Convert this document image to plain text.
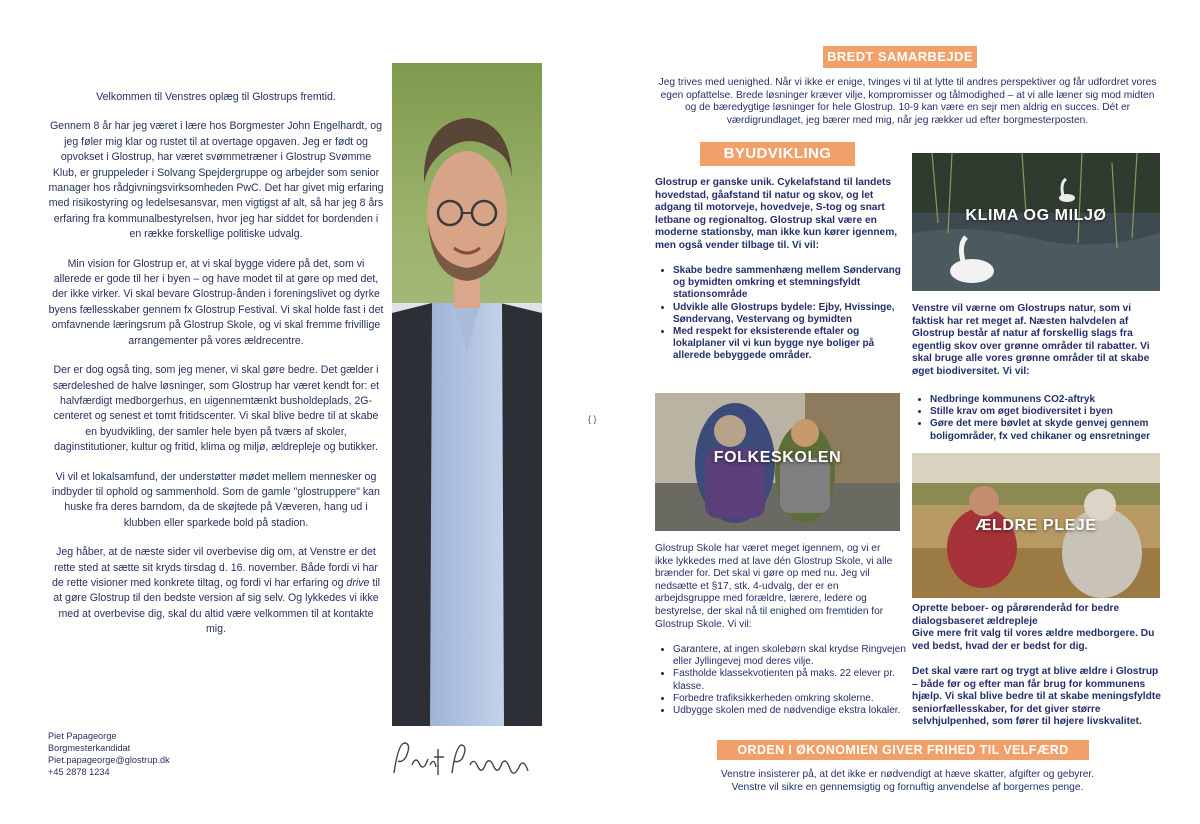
Velkommen til Venstres oplæg til Glostrups fremtid.

Gennem 8 år har jeg været i lære hos Borgmester John Engelhardt, og jeg føler mig klar og rustet til at overtage opgaven. Jeg er født og opvokset i Glostrup, har været svømmetræner i Glostrup Svømme Klub, er gruppeleder i Solvang Spejdergruppe og arbejder som senior manager hos rådgivningsvirksomheden PwC. Det har givet mig erfaring med risikostyring og ledelsesansvar, men vigtigst af alt, så har jeg 8 års erfaring fra kommunalbestyrelsen, hvor jeg har siddet for bordenden i en række forskellige politiske udvalg.

Min vision for Glostrup er, at vi skal bygge videre på det, som vi allerede er gode til her i byen – og have modet til at gøre op med det, der ikke virker. Vi skal bevare Glostrup-ånden i foreningslivet og dyrke byens fællesskaber gennem fx Glostrup Festival. Vi skal holde fast i det omfavnende læringsrum på Glostrup Skole, og vi skal fremme frivillige arrangementer på vores ældrecentre.

Der er dog også ting, som jeg mener, vi skal gøre bedre. Det gælder i særdeleshed de halve løsninger, som Glostrup har været kendt for: et halvfærdigt medborgerhus, en uigennemtænkt busholdeplads, 2G-centeret og senest et tomt fritidscenter. Vi skal blive bedre til at skabe en byudvikling, der samler hele byen på tværs af skoler, daginstitutioner, kultur og fritid, klima og miljø, ældrepleje og butikker.

Vi vil et lokalsamfund, der understøtter mødet mellem mennesker og indbyder til ophold og sammenhold. Som de gamle "glostruppere" kan huske fra deres barndom, da de skøjtede på Væveren, hang ud i klubben eller sparkede bold på stadion.

Jeg håber, at de næste sider vil overbevise dig om, at Venstre er det rette sted at sætte sit kryds tirsdag d. 16. november. Både fordi vi har de rette visioner med konkrete tiltag, og fordi vi har erfaring og drive til at gøre Glostrup til den bedste version af sig selv. Og lykkedes vi ikke med at overbevise dig, skal du altid være velkommen til at kontakte mig.

Piet Papageorge
Borgmesterkandidat
Piet.papageorge@glostrup.dk
+45 2878 1234
{ }
BREDT SAMARBEJDE
Jeg trives med uenighed. Når vi ikke er enige, tvinges vi til at lytte til andres perspektiver og får udfordret vores egen opfattelse. Brede løsninger kræver vilje, kompromisser og tålmodighed – at vi alle læner sig mod midten og de bæredygtige løsninger for hele Glostrup. 10-9 kan være en sejr men aldrig en succes. Dét er værdigrundlaget, jeg bærer med mig, når jeg rækker ud efter borgmesterposten.
BYUDVIKLING
Glostrup er ganske unik. Cykelafstand til landets hovedstad, gåafstand til natur og skov, og let adgang til motorveje, hovedveje, S-tog og snart letbane og regionaltog. Glostrup skal være en moderne stationsby, man ikke kun kører igennem, men også vender tilbage til. Vi vil:
• Skabe bedre sammenhæng mellem Søndervang og bymidten omkring et stemningsfyldt stationsområde
• Udvikle alle Glostrups bydele: Ejby, Hvissinge, Søndervang, Vestervang og bymidten
• Med respekt for eksisterende eftaler og lokalplaner vil vi kun bygge nye boliger på allerede bebyggede områder.
KLIMA OG MILJØ
Venstre vil værne om Glostrups natur, som vi faktisk har ret meget af. Næsten halvdelen af Glostrup består af natur af forskellig slags fra egentlig skov over grønne områder til rabatter. Vi skal bruge alle vores grønne områder til at skabe øget biodiversitet. Vi vil:
• Nedbringe kommunens CO2-aftryk
• Stille krav om øget biodiversitet i byen
• Gøre det mere bøvlet at skyde genvej gennem boligområder, fx ved chikaner og ensretninger
FOLKESKOLEN
Glostrup Skole har været meget igennem, og vi er ikke lykkedes med at lave dén Glostrup Skole, vi alle brænder for. Det skal vi gøre op med nu. Jeg vil nedsætte et §17, stk. 4-udvalg, der er en arbejdsgruppe med forældre, lærere, ledere og bestyrelse, der skal nå til enighed om fremtiden for Glostrup Skole. Vi vil:
• Garantere, at ingen skolebørn skal krydse Ringvejen eller Jyllingevej mod deres vilje.
• Fastholde klassekvotienten på maks. 22 elever pr. klasse.
• Forbedre trafiksikkerheden omkring skolerne.
• Udbygge skolen med de nødvendige ekstra lokaler.
ÆLDRE PLEJE
Oprette beboer- og pårørenderåd for bedre dialogsbaseret ældrepleje
Give mere frit valg til vores ældre medborgere. Du ved bedst, hvad der er bedst for dig.
Det skal være rart og trygt at blive ældre i Glostrup – både før og efter man får brug for kommunens hjælp. Vi skal blive bedre til at skabe meningsfyldte seniorfællesskaber, for det giver større selvhjulpenhed, som fører til højere livskvalitet.
ORDEN I ØKONOMIEN GIVER FRIHED TIL VELFÆRD
Venstre insisterer på, at det ikke er nødvendigt at hæve skatter, afgifter og gebyrer.
Venstre vil sikre en gennemsigtig og fornuftig anvendelse af borgernes penge.
